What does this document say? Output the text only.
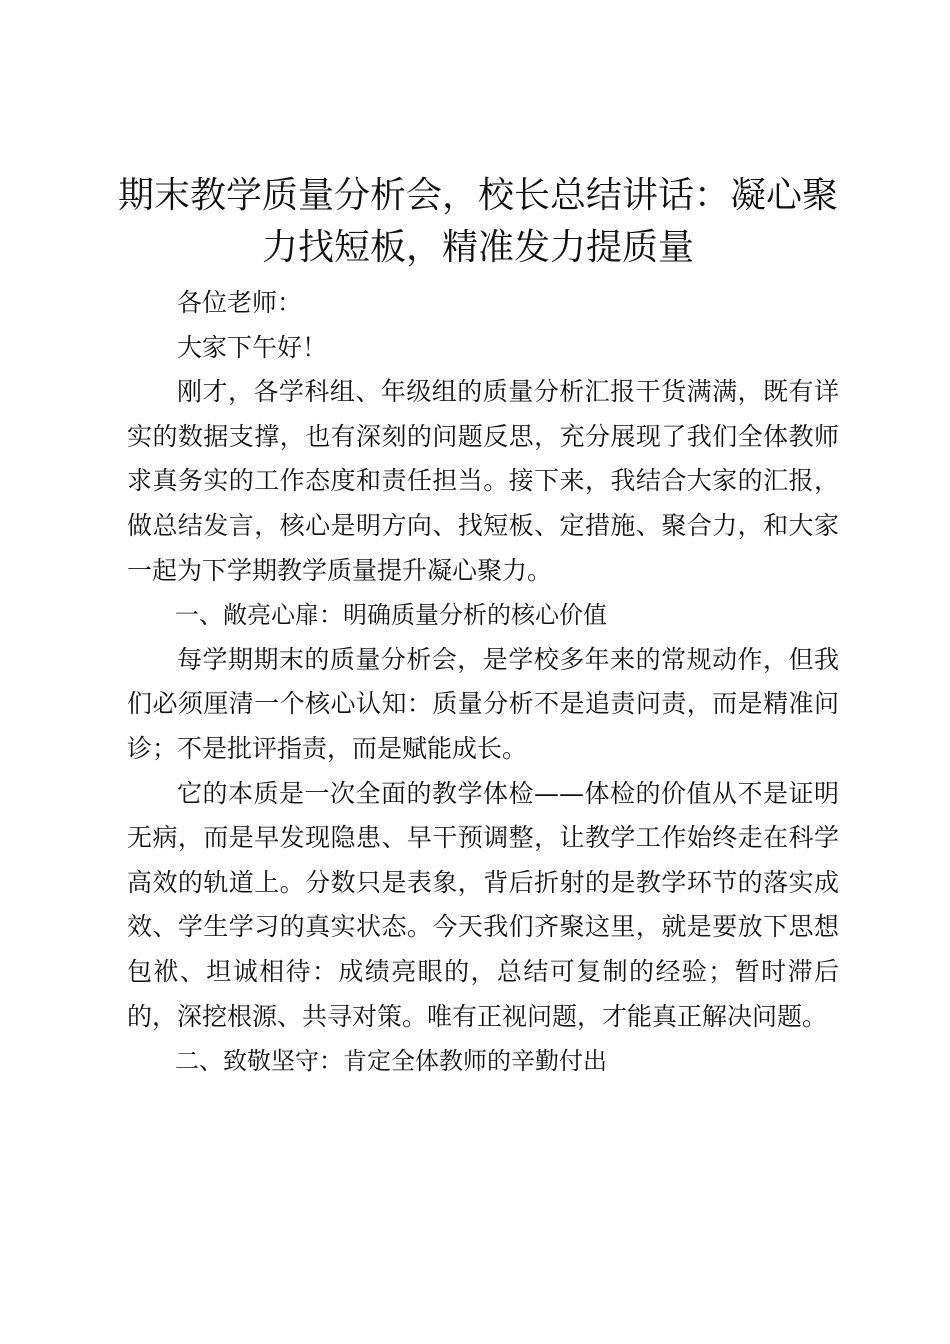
期末教学质量分析会，校长总结讲话：凝心聚力找短板，精准发力提质量

各位老师：

大家下午好！

刚才，各学科组、年级组的质量分析汇报干货满满，既有详实的数据支撑，也有深刻的问题反思，充分展现了我们全体教师求真务实的工作态度和责任担当。接下来，我结合大家的汇报，做总结发言，核心是明方向、找短板、定措施、聚合力，和大家一起为下学期教学质量提升凝心聚力。

一、敞亮心扉：明确质量分析的核心价值

每学期期末的质量分析会，是学校多年来的常规动作，但我们必须厘清一个核心认知：质量分析不是追责问责，而是精准问诊；不是批评指责，而是赋能成长。

它的本质是一次全面的教学体检——体检的价值从不是证明无病，而是早发现隐患、早干预调整，让教学工作始终走在科学高效的轨道上。分数只是表象，背后折射的是教学环节的落实成效、学生学习的真实状态。今天我们齐聚这里，就是要放下思想包袱、坦诚相待：成绩亮眼的，总结可复制的经验；暂时滞后的，深挖根源、共寻对策。唯有正视问题，才能真正解决问题。

二、致敬坚守：肯定全体教师的辛勤付出
